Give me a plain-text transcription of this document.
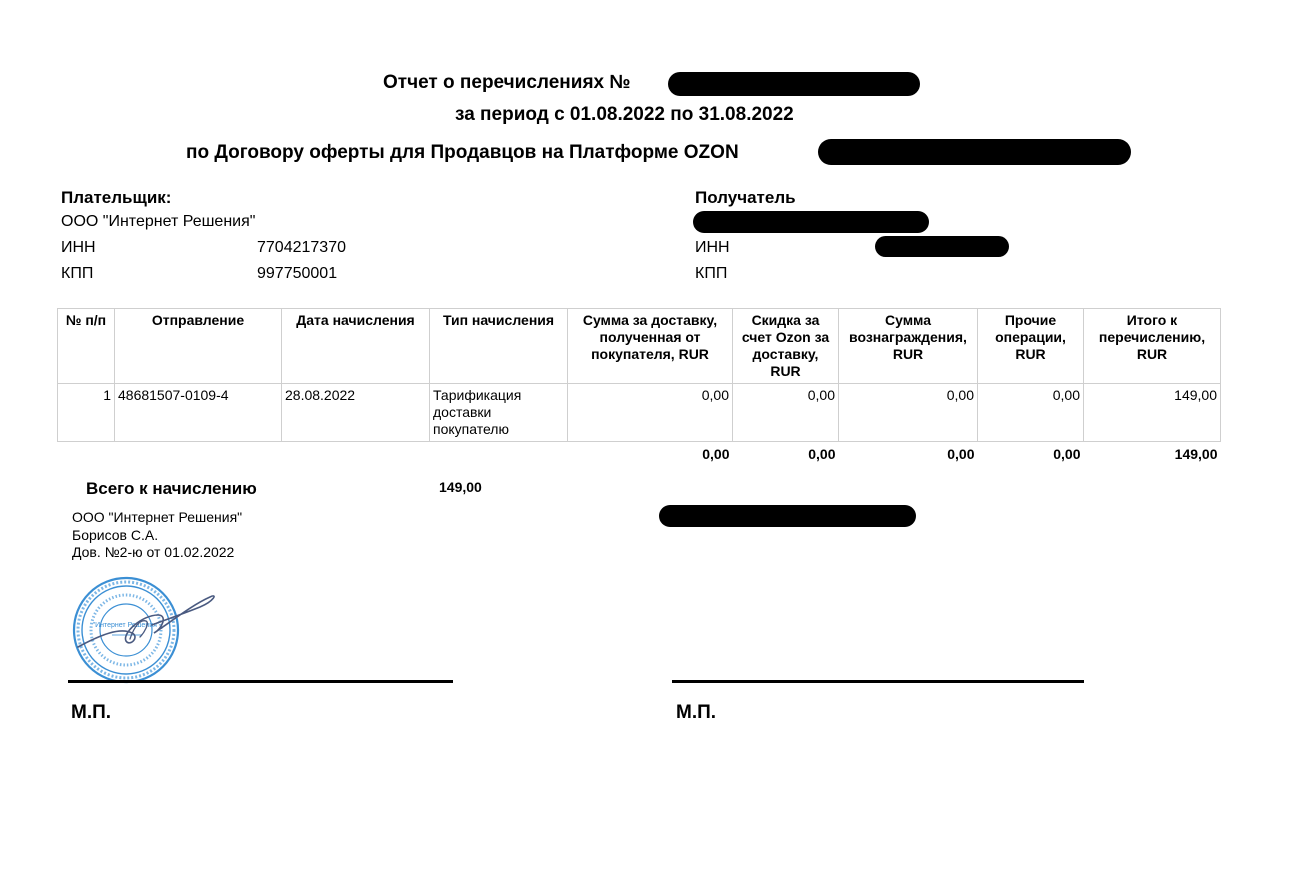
Отчет о перечислениях №
за период с 01.08.2022 по 31.08.2022
по Договору оферты для Продавцов на Платформе OZON
Плательщик:
ООО "Интернет Решения"
ИНН	7704217370
КПП	997750001
Получатель
ИНН
КПП
№ п/п	Отправление	Дата начисления	Тип начисления	Сумма за доставку, полученная от покупателя, RUR	Скидка за счет Ozon за доставку, RUR	Сумма вознаграждения, RUR	Прочие операции, RUR	Итого к перечислению, RUR
1	48681507-0109-4	28.08.2022	Тарификация доставки покупателю	0,00	0,00	0,00	0,00	149,00
				0,00	0,00	0,00	0,00	149,00
Всего к начислению	149,00
ООО "Интернет Решения"
Борисов С.А.
Дов. №2-ю от 01.02.2022
"Интернет Решения"
М.П.	М.П.
